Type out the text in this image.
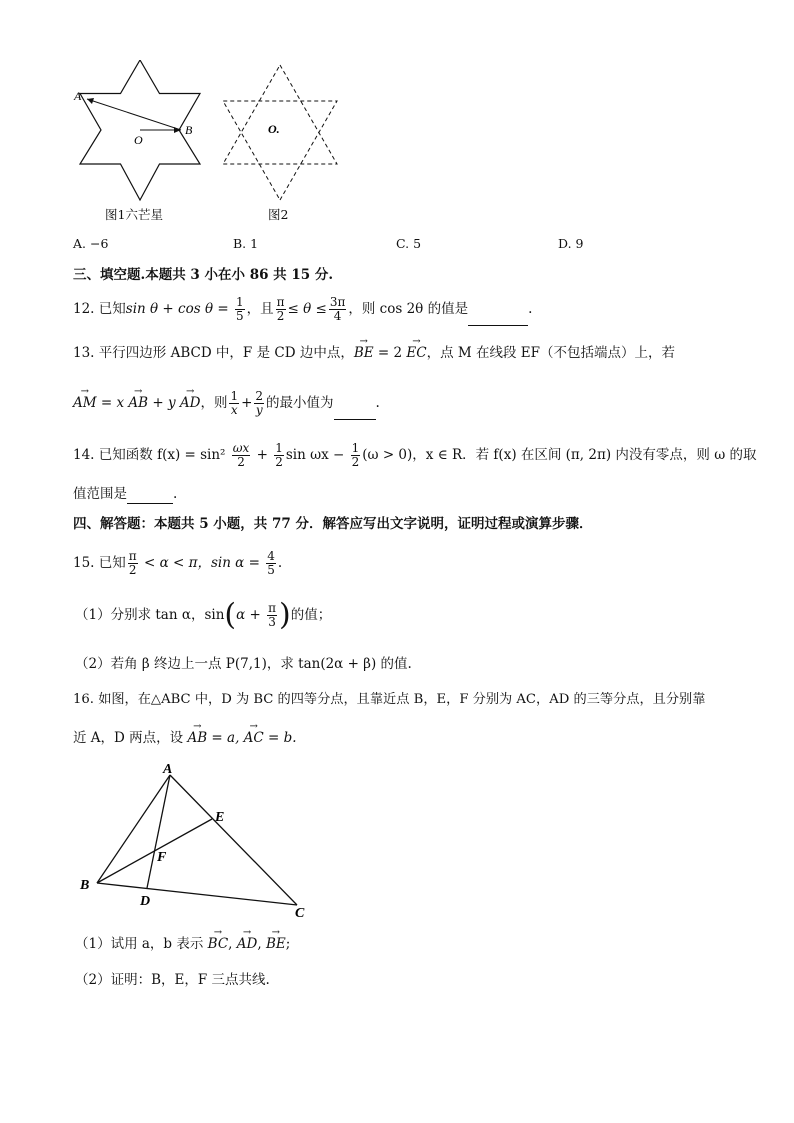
A
O
B
图1六芒星
O.
图2
A. −6	B. 1	C. 5	D. 9
三、填空题.本题共 3 小在小 86 共 15 分.
12. 已知$\sin \theta + \cos \theta = \frac{1}{5}$ ，且 $\frac{\pi}{2} \le \theta \le \frac{3\pi}{4}$ ，则 cos 2θ 的值是	.
13. 平行四边形 ABCD 中，F 是 CD 边中点，→ BE = 2 → EC，点 M 在线段 EF（不包括端点）上，若
→ AM = x → AB + y → AD，则 $\frac{1}{x} + \frac{2}{y}$ 的最小值为	.
14. 已知函数 $f(x) = \sin^2 \frac{\omega x}{2} + \frac{1}{2}$ $\sin \omega x - \frac{1}{2} (\omega > 0)$，x ∈ R．若 f(x) 在区间 (π, 2π) 内没有零点，则 ω 的取
值范围是	.
四、解答题：本题共 5 小题，共 77 分．解答应写出文字说明，证明过程或演算步骤．
15. 已知 $\frac{\pi}{2} < \alpha < \pi$，$\sin \alpha = \frac{4}{5}$ .
（1）分别求 tan α，$\sin(\alpha + \frac{\pi}{3}$ )的值；
（2）若角 β 终边上一点 P(7,1)，求 tan(2α + β) 的值.
16. 如图，在△ABC 中，D 为 BC 的四等分点，且靠近点 B，E，F 分别为 AC，AD 的三等分点，且分别靠
近 A，D 两点，设 → AB = a, → AC = b.
A
B
C
D
E
F
（1）试用 a，b 表示 → BC, → AD, → BE;
（2）证明：B，E，F 三点共线.
